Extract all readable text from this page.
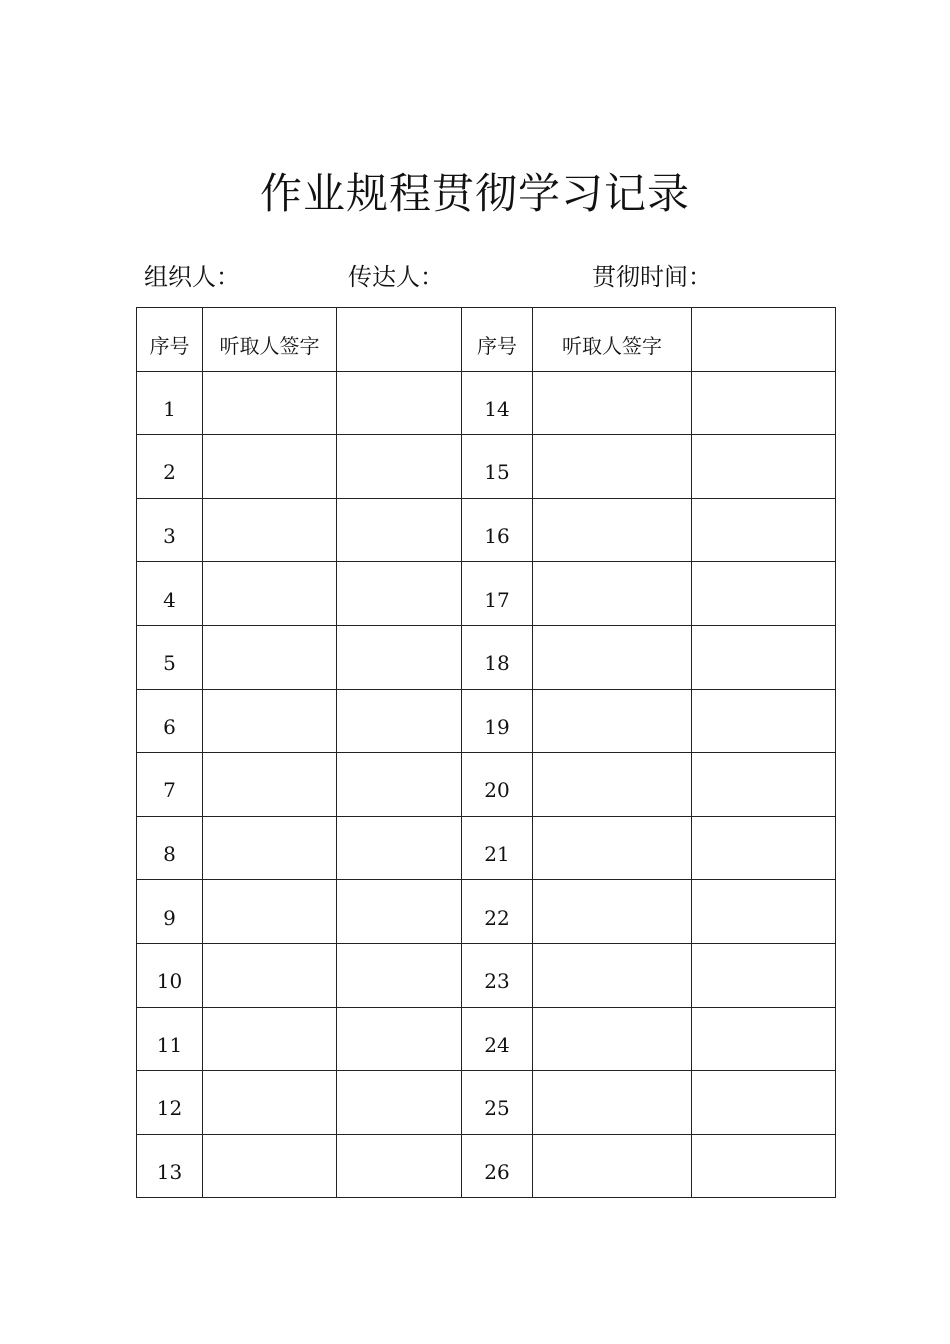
作业规程贯彻学习记录
组织人：	传达人：	贯彻时间：
序号	听取人签字		序号	听取人签字	
1			14		
2			15		
3			16		
4			17		
5			18		
6			19		
7			20		
8			21		
9			22		
10			23		
11			24		
12			25		
13			26		
